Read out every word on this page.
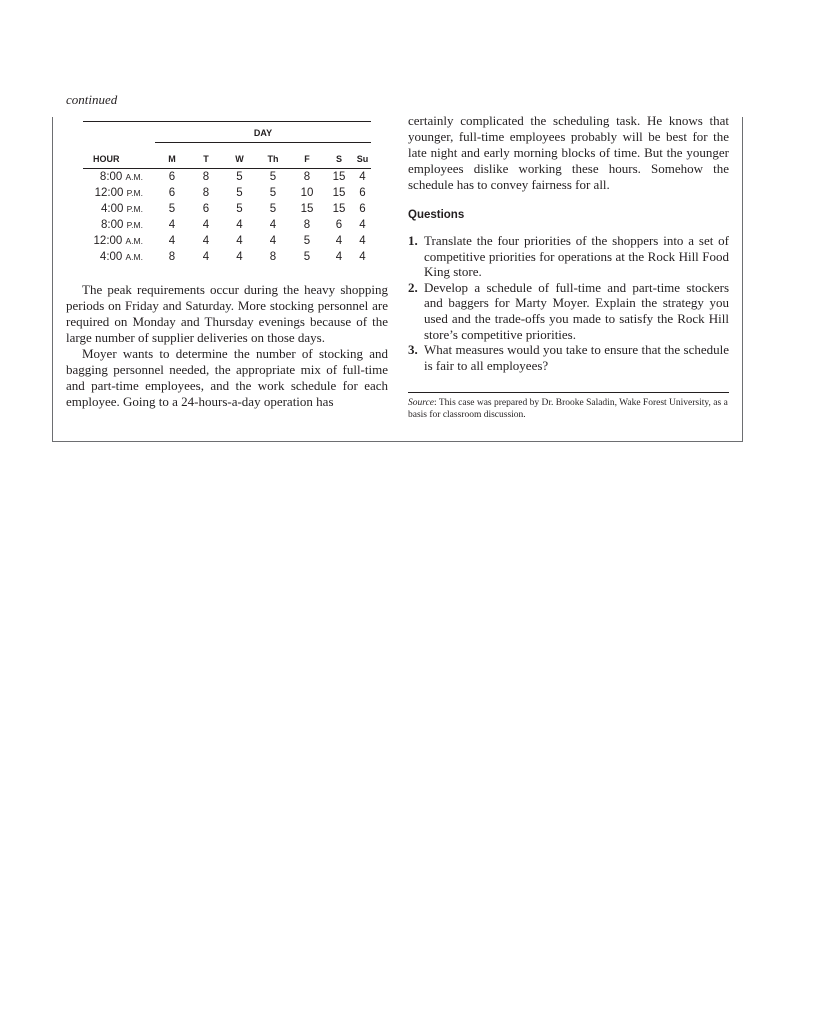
continued
	DAY						
HOUR	M	T	W	Th	F	S	Su
8:00 A.M.	6	8	5	5	8	15	4
12:00 P.M.	6	8	5	5	10	15	6
4:00 P.M.	5	6	5	5	15	15	6
8:00 P.M.	4	4	4	4	8	6	4
12:00 A.M.	4	4	4	4	5	4	4
4:00 A.M.	8	4	4	8	5	4	4

The peak requirements occur during the heavy shopping periods on Friday and Saturday. More stocking personnel are required on Monday and Thursday evenings because of the large number of supplier deliveries on those days.

Moyer wants to determine the number of stocking and bagging personnel needed, the appropriate mix of full-time and part-time employees, and the work schedule for each employee. Going to a 24-hours-a-day operation has

certainly complicated the scheduling task. He knows that younger, full-time employees probably will be best for the late night and early morning blocks of time. But the younger employees dislike working these hours. Somehow the schedule has to convey fairness for all.

Questions
1. Translate the four priorities of the shoppers into a set of competitive priorities for operations at the Rock Hill Food King store.
2. Develop a schedule of full-time and part-time stockers and baggers for Marty Moyer. Explain the strategy you used and the trade-offs you made to satisfy the Rock Hill store’s competitive priorities.
3. What measures would you take to ensure that the schedule is fair to all employees?
Source: This case was prepared by Dr. Brooke Saladin, Wake Forest University, as a basis for classroom discussion.
